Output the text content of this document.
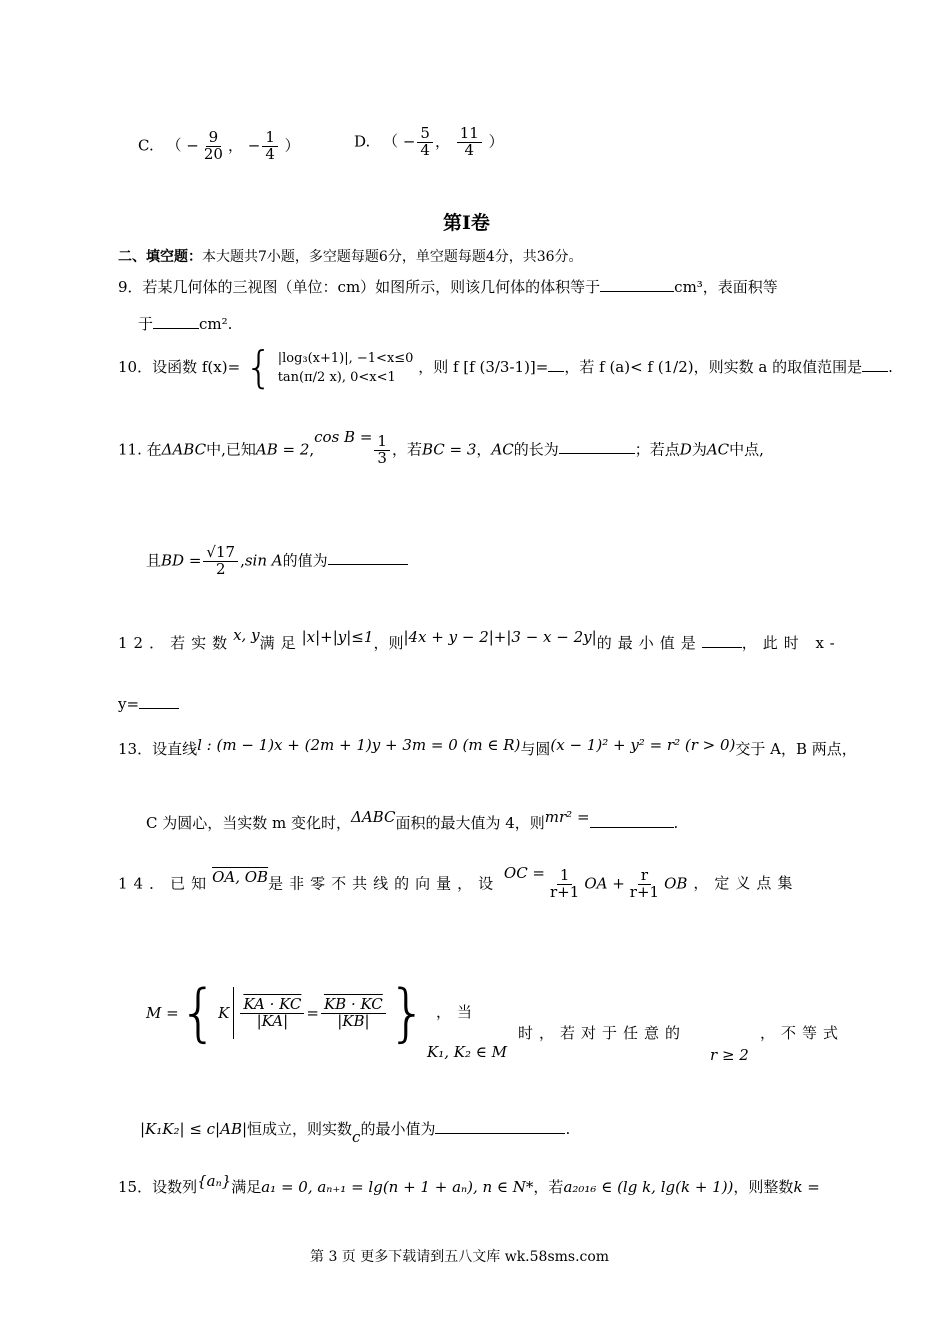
C. （ − $\frac{9}{20}$ ， − $\frac{1}{4}$ ）	D. （ − $\frac{5}{4}$ ， $\frac{11}{4}$ ）
第I卷
二、填空题：本大题共7小题，多空题每题6分，单空题每题4分，共36分。
9．若某几何体的三视图（单位：cm）如图所示，则该几何体的体积等于	cm³，表面积等
于	cm².
10．设函数 f(x)= { |log₃(x+1)|, −1<x≤0
tan(π/2 x), 0<x<1
，则 f [f (3/3-1)]= ，若 f (a)< f (1/2)，则实数 a 的取值范围是 .
11. 在ΔABC中,已知AB = 2,cos $B = \frac{1}{3}$ ，若BC = 3，AC的长为	；若点D为AC中点,
且BD = $\frac{√17}{2} ,\sin$ A的值为
12．若实数x, y满足|x|+|y|≤1，则|4x + y − 2|+|3 − x − 2y|的最小值是	，此时 x-
y=
13．设直线l : (m − 1)x + (2m + 1)y + 3m = 0 (m ∈ R)与圆(x − 1)² + y² = r² (r > 0)交于 A，B 两点，
C 为圆心，当实数 m 变化时，ΔABC面积的最大值为 4，则mr² =	.
14．已知OA, OB是非零不共线的向量，设 OC = $\frac{1}{r+1}$ OA + $\frac{r}{r+1}$ OB ，定义点集
M = { K $\frac{KA \cdot KC}{|KA|} = \frac{KB \cdot KC}{|KB|}$ } ，当
K₁, K₂ ∈ M
时，若对于任意的
r ≥ 2
，不等式
|K₁K₂| ≤ c|AB|恒成立，则实数c的最小值为	.
15．设数列{aₙ}满足a₁ = 0, aₙ₊₁ = lg(n + 1 + aₙ), n ∈ N*，若a₂₀₁₆ ∈ (lg k, lg(k + 1))，则整数k =
第 3 页 更多下载请到五八文库 wk.58sms.com
